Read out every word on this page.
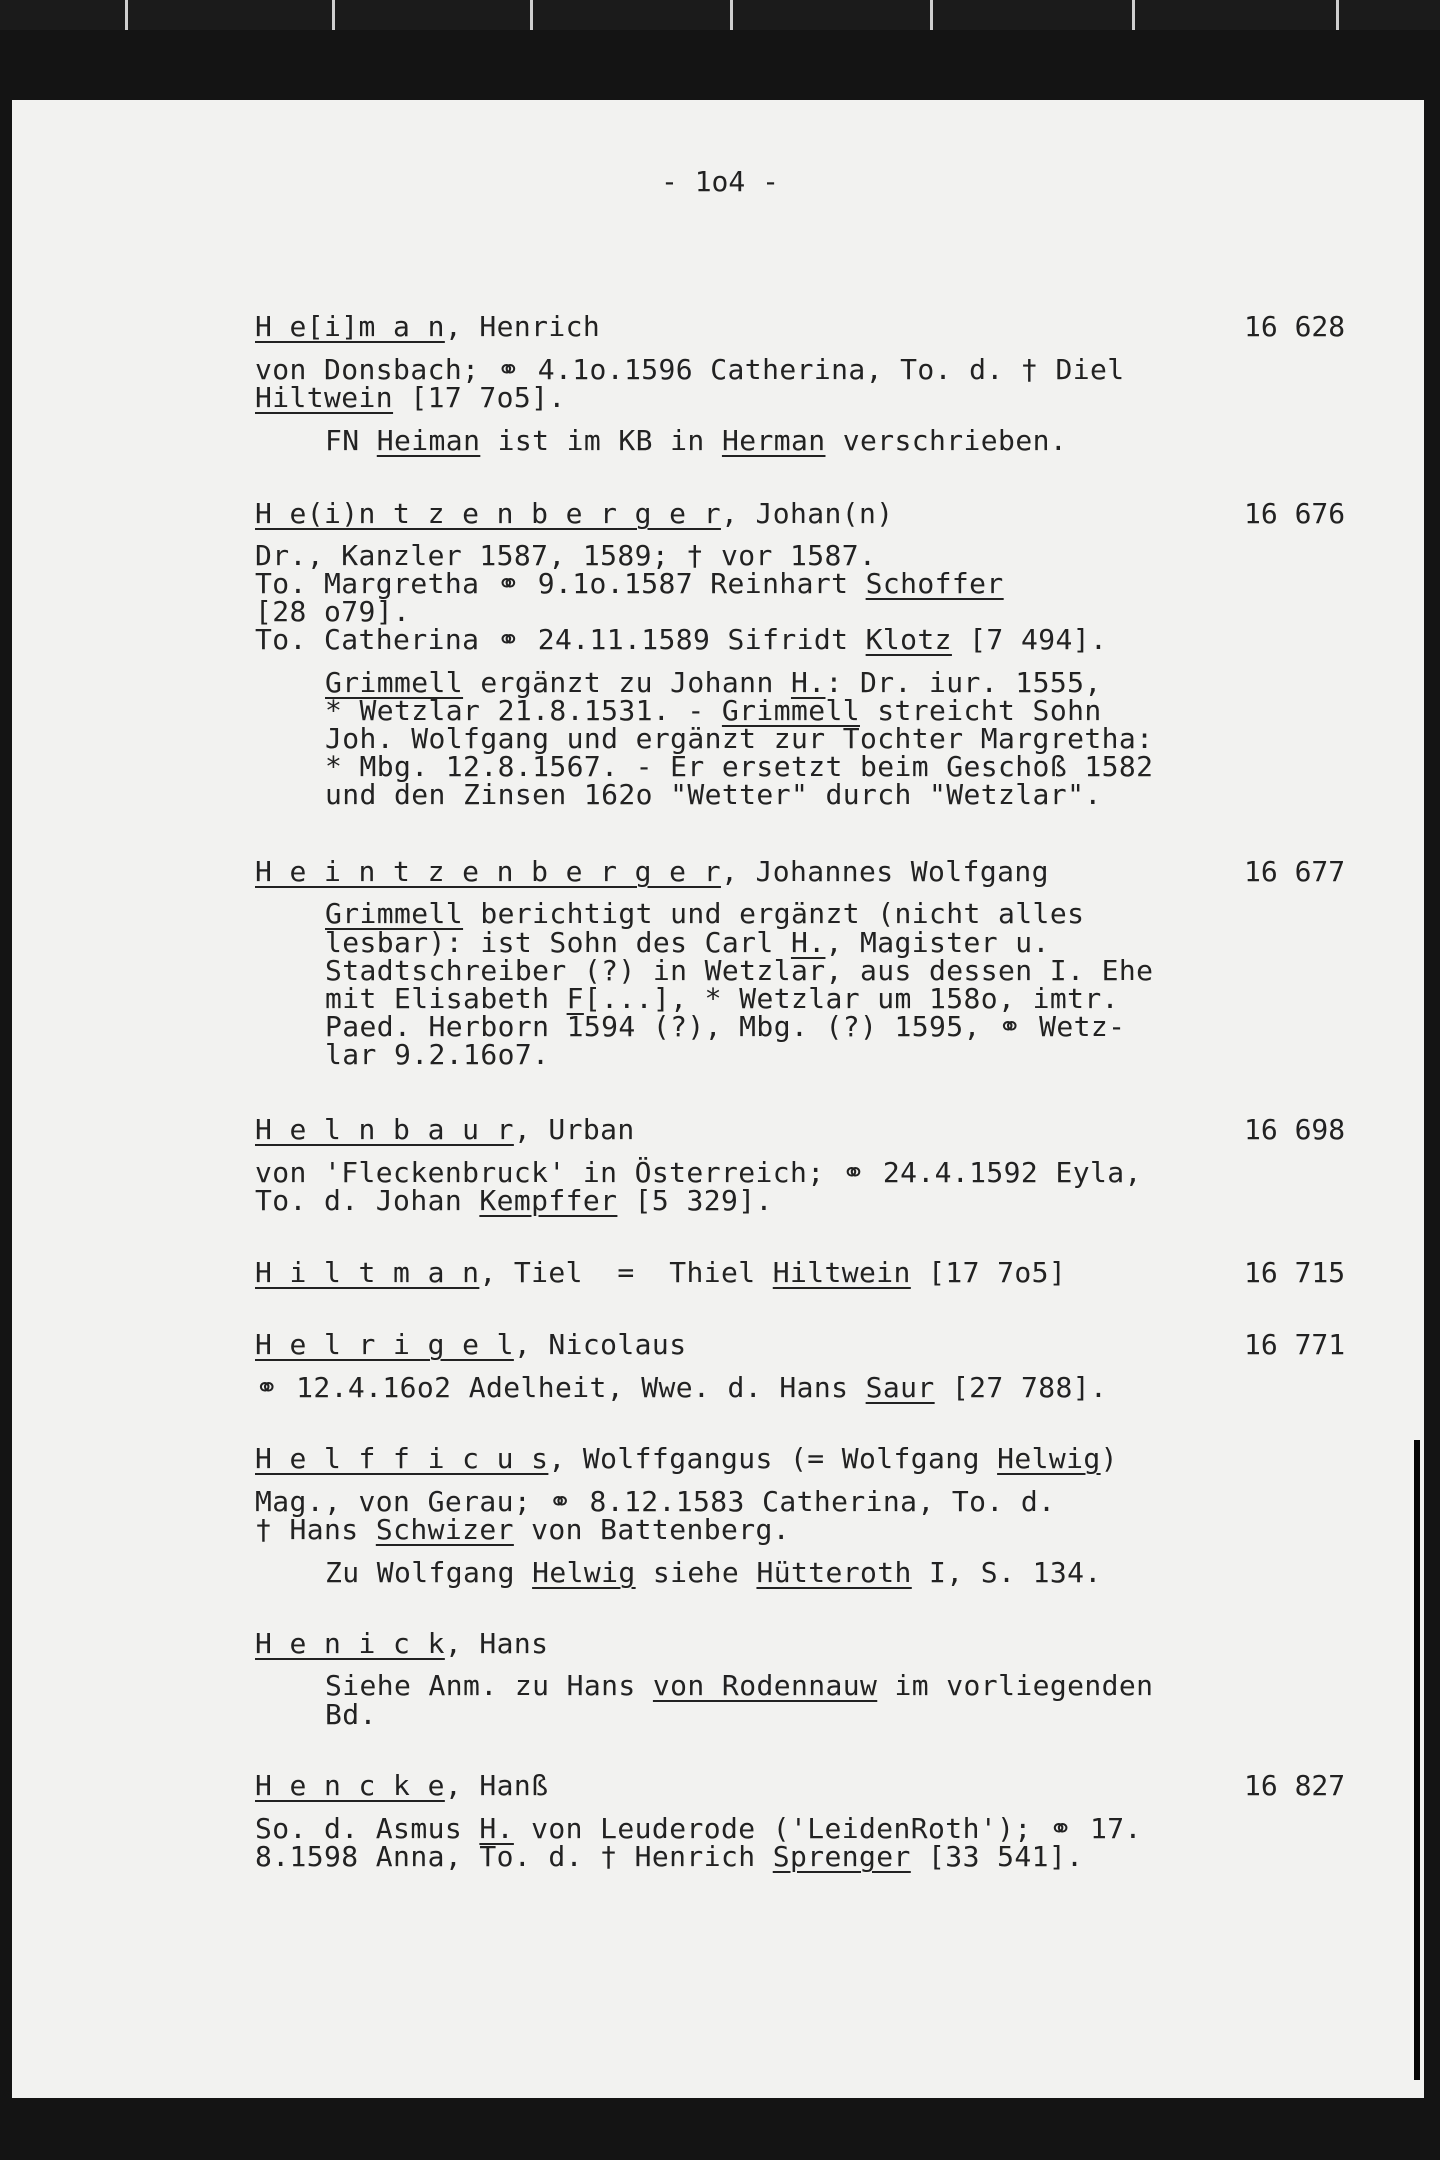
- 1o4 -
16 628
H e[i]m a n, Henrich
von Donsbach; ⚭ 4.1o.1596 Catherina, To. d. † Diel
Hiltwein [17 7o5].
FN Heiman ist im KB in Herman verschrieben.
16 676
H e(i)n t z e n b e r g e r, Johan(n)
Dr., Kanzler 1587, 1589; † vor 1587.
To. Margretha ⚭ 9.1o.1587 Reinhart Schoffer
[28 o79].
To. Catherina ⚭ 24.11.1589 Sifridt Klotz [7 494].
Grimmell ergänzt zu Johann H.: Dr. iur. 1555,
* Wetzlar 21.8.1531. - Grimmell streicht Sohn
Joh. Wolfgang und ergänzt zur Tochter Margretha:
* Mbg. 12.8.1567. - Er ersetzt beim Geschoß 1582
und den Zinsen 162o "Wetter" durch "Wetzlar".
16 677
H e i n t z e n b e r g e r, Johannes Wolfgang
Grimmell berichtigt und ergänzt (nicht alles
lesbar): ist Sohn des Carl H., Magister u.
Stadtschreiber (?) in Wetzlar, aus dessen I. Ehe
mit Elisabeth F[...], * Wetzlar um 158o, imtr.
Paed. Herborn 1594 (?), Mbg. (?) 1595, ⚭ Wetz-
lar 9.2.16o7.
16 698
H e l n b a u r, Urban
von 'Fleckenbruck' in Österreich; ⚭ 24.4.1592 Eyla,
To. d. Johan Kempffer [5 329].
16 715
H i l t m a n, Tiel  =  Thiel Hiltwein [17 7o5]
16 771
H e l r i g e l, Nicolaus
⚭ 12.4.16o2 Adelheit, Wwe. d. Hans Saur [27 788].
H e l f f i c u s, Wolffgangus (= Wolfgang Helwig)
Mag., von Gerau; ⚭ 8.12.1583 Catherina, To. d.
† Hans Schwizer von Battenberg.
Zu Wolfgang Helwig siehe Hütteroth I, S. 134.
H e n i c k, Hans
Siehe Anm. zu Hans von Rodennauw im vorliegenden
Bd.
16 827
H e n c k e, Hanß
So. d. Asmus H. von Leuderode ('LeidenRoth'); ⚭ 17.
8.1598 Anna, To. d. † Henrich Sprenger [33 541].
